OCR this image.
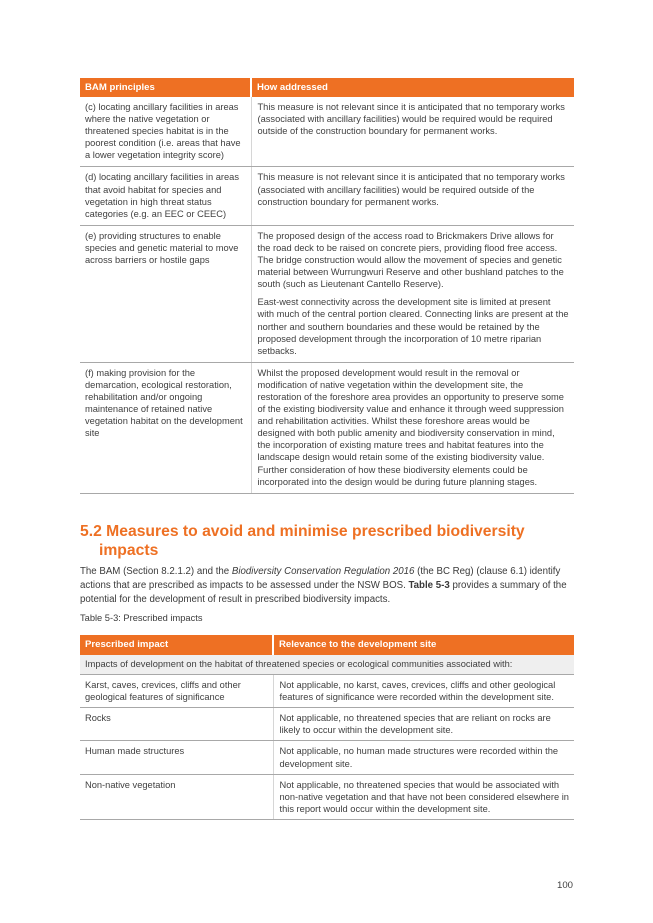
BAM principles	How addressed
(c) locating ancillary facilities in areas where the native vegetation or threatened species habitat is in the poorest condition (i.e. areas that have a lower vegetation integrity score)	This measure is not relevant since it is anticipated that no temporary works (associated with ancillary facilities) would be required would be required outside of the construction boundary for permanent works.

(d) locating ancillary facilities in areas that avoid habitat for species and vegetation in high threat status categories (e.g. an EEC or CEEC)	This measure is not relevant since it is anticipated that no temporary works (associated with ancillary facilities) would be required outside of the construction boundary for permanent works.

(e) providing structures to enable species and genetic material to move across barriers or hostile gaps	The proposed design of the access road to Brickmakers Drive allows for the road deck to be raised on concrete piers, providing flood free access. The bridge construction would allow the movement of species and genetic material between Wurrungwuri Reserve and other bushland patches to the south (such as Lieutenant Cantello Reserve).

East-west connectivity across the development site is limited at present with much of the central portion cleared. Connecting links are present at the norther and southern boundaries and these would be retained by the proposed development through the incorporation of 10 metre riparian setbacks.

(f) making provision for the demarcation, ecological restoration, rehabilitation and/or ongoing maintenance of retained native vegetation habitat on the development site	Whilst the proposed development would result in the removal or modification of native vegetation within the development site, the restoration of the foreshore area provides an opportunity to preserve some of the existing biodiversity value and enhance it through weed suppression and rehabilitation activities. Whilst these foreshore areas would be designed with both public amenity and biodiversity conservation in mind, the incorporation of existing mature trees and habitat features into the landscape design would retain some of the existing biodiversity value. Further consideration of how these biodiversity elements could be incorporated into the design would be during future planning stages.

5.2 Measures to avoid and minimise prescribed biodiversity
impacts

The BAM (Section 8.2.1.2) and the Biodiversity Conservation Regulation 2016 (the BC Reg) (clause 6.1) identify actions that are prescribed as impacts to be assessed under the NSW BOS. Table 5-3 provides a summary of the potential for the development of result in prescribed biodiversity impacts.

Table 5-3: Prescribed impacts

Prescribed impact	Relevance to the development site
Impacts of development on the habitat of threatened species or ecological communities associated with:	
Karst, caves, crevices, cliffs and other geological features of significance	Not applicable, no karst, caves, crevices, cliffs and other geological features of significance were recorded within the development site.
Rocks	Not applicable, no threatened species that are reliant on rocks are likely to occur within the development site.
Human made structures	Not applicable, no human made structures were recorded within the development site.
Non-native vegetation	Not applicable, no threatened species that would be associated with non-native vegetation and that have not been considered elsewhere in this report would occur within the development site.
100
